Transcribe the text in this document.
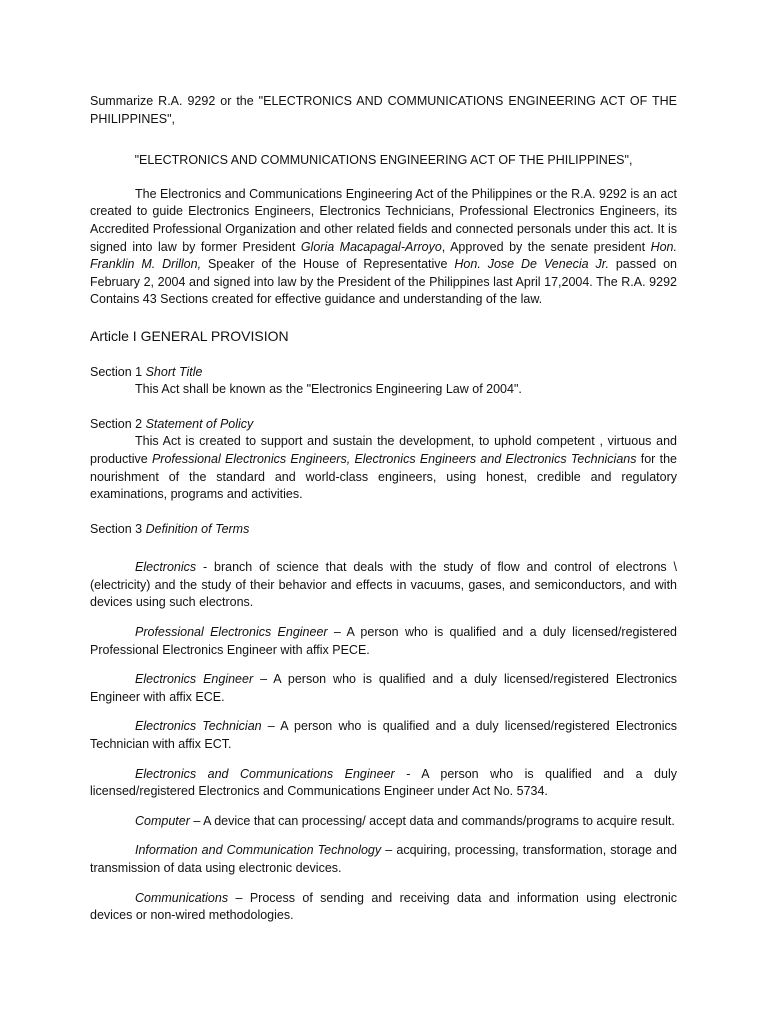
Summarize R.A. 9292 or the "ELECTRONICS AND COMMUNICATIONS ENGINEERING ACT OF THE PHILIPPINES",

"ELECTRONICS AND COMMUNICATIONS ENGINEERING ACT OF THE PHILIPPINES",

The Electronics and Communications Engineering Act of the Philippines or the R.A. 9292 is an act created to guide Electronics Engineers, Electronics Technicians, Professional Electronics Engineers, its Accredited Professional Organization and other related fields and connected personals under this act. It is signed into law by former President Gloria Macapagal-Arroyo, Approved by the senate president Hon. Franklin M. Drillon, Speaker of the House of Representative Hon. Jose De Venecia Jr. passed on February 2, 2004 and signed into law by the President of the Philippines last April 17,2004. The R.A. 9292 Contains 43 Sections created for effective guidance and understanding of the law.

Article I GENERAL PROVISION

Section 1 Short Title

This Act shall be known as the "Electronics Engineering Law of 2004".

Section 2 Statement of Policy

This Act is created to support and sustain the development, to uphold competent , virtuous and productive Professional Electronics Engineers, Electronics Engineers and Electronics Technicians for the nourishment of the standard and world-class engineers, using honest, credible and regulatory examinations, programs and activities.

Section 3 Definition of Terms

Electronics - branch of science that deals with the study of flow and control of electrons \ (electricity) and the study of their behavior and effects in vacuums, gases, and semiconductors, and with devices using such electrons.

Professional Electronics Engineer – A person who is qualified and a duly licensed/registered Professional Electronics Engineer with affix PECE.

Electronics Engineer – A person who is qualified and a duly licensed/registered Electronics Engineer with affix ECE.

Electronics Technician – A person who is qualified and a duly licensed/registered Electronics Technician with affix ECT.

Electronics and Communications Engineer - A person who is qualified and a duly licensed/registered Electronics and Communications Engineer under Act No. 5734.

Computer – A device that can processing/ accept data and commands/programs to acquire result.

Information and Communication Technology – acquiring, processing, transformation, storage and transmission of data using electronic devices.

Communications – Process of sending and receiving data and information using electronic devices or non-wired methodologies.
